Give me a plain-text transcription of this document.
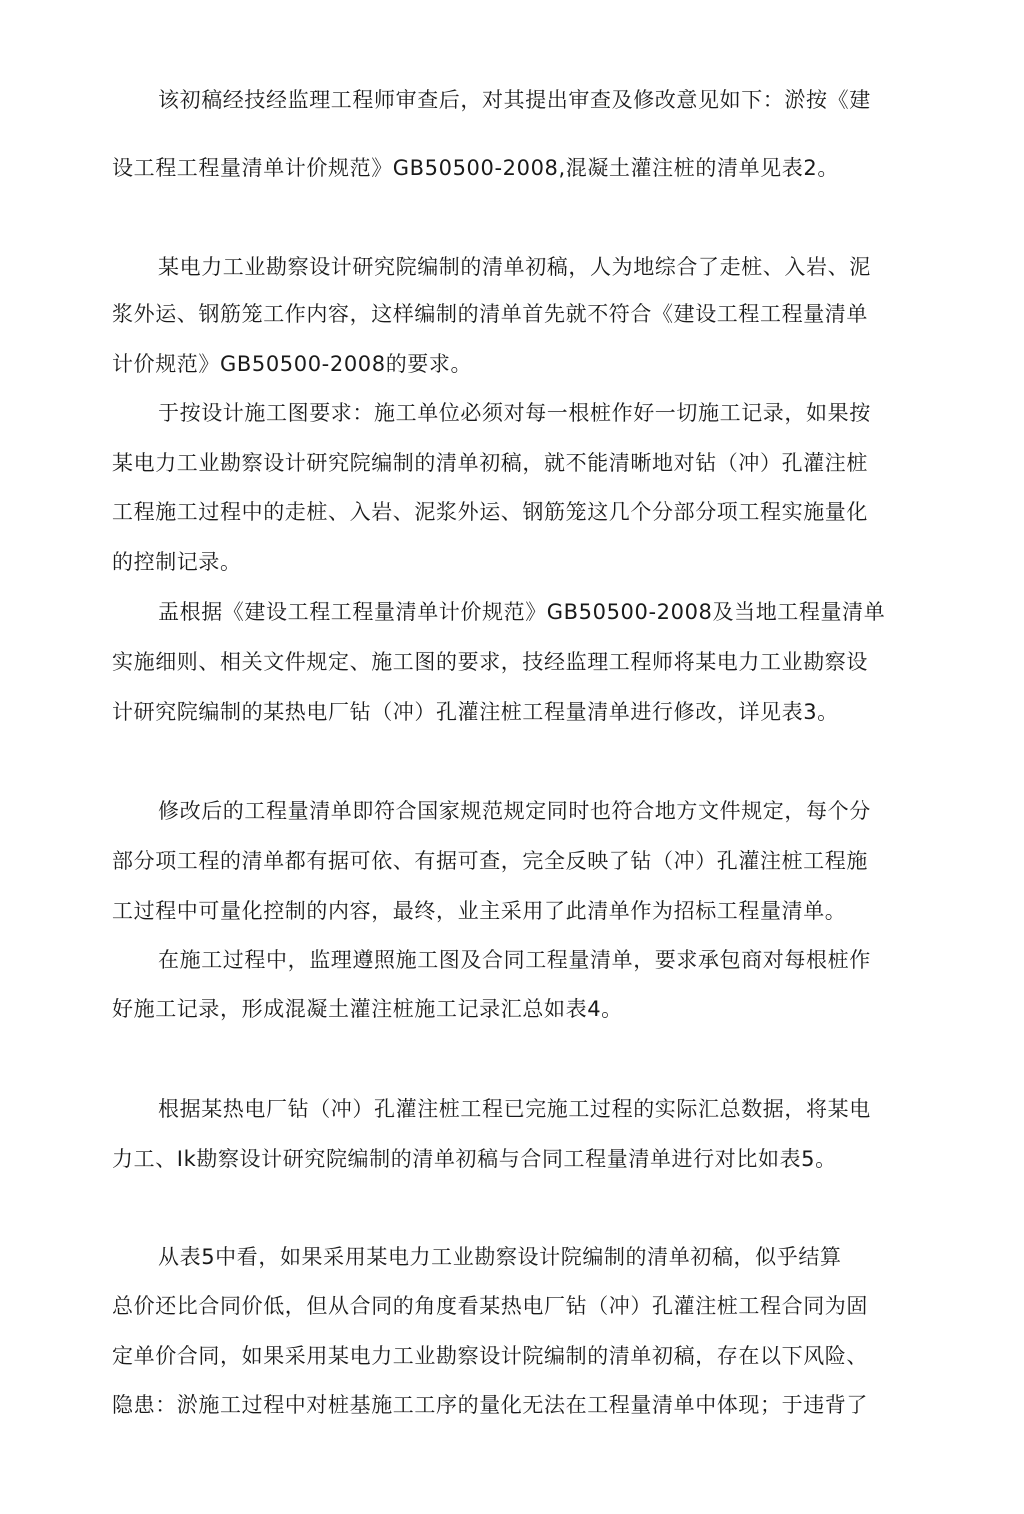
该初稿经技经监理工程师审查后，对其提出审查及修改意见如下：淤按《建
设工程工程量清单计价规范》GB50500-2008,混凝土灌注桩的清单见表2。
某电力工业勘察设计研究院编制的清单初稿，人为地综合了走桩、入岩、泥
浆外运、钢筋笼工作内容，这样编制的清单首先就不符合《建设工程工程量清单
计价规范》GB50500-2008的要求。
于按设计施工图要求：施工单位必须对每一根桩作好一切施工记录，如果按
某电力工业勘察设计研究院编制的清单初稿，就不能清晰地对钻（冲）孔灌注桩
工程施工过程中的走桩、入岩、泥浆外运、钢筋笼这几个分部分项工程实施量化
的控制记录。
盂根据《建设工程工程量清单计价规范》GB50500-2008及当地工程量清单
实施细则、相关文件规定、施工图的要求，技经监理工程师将某电力工业勘察设
计研究院编制的某热电厂钻（冲）孔灌注桩工程量清单进行修改，详见表3。
修改后的工程量清单即符合国家规范规定同时也符合地方文件规定，每个分
部分项工程的清单都有据可依、有据可查，完全反映了钻（冲）孔灌注桩工程施
工过程中可量化控制的内容，最终，业主采用了此清单作为招标工程量清单。
在施工过程中，监理遵照施工图及合同工程量清单，要求承包商对每根桩作
好施工记录，形成混凝土灌注桩施工记录汇总如表4。
根据某热电厂钻（冲）孔灌注桩工程已完施工过程的实际汇总数据，将某电
力工、Ik勘察设计研究院编制的清单初稿与合同工程量清单进行对比如表5。
从表5中看，如果采用某电力工业勘察设计院编制的清单初稿，似乎结算
总价还比合同价低，但从合同的角度看某热电厂钻（冲）孔灌注桩工程合同为固
定单价合同，如果采用某电力工业勘察设计院编制的清单初稿，存在以下风险、
隐患：淤施工过程中对桩基施工工序的量化无法在工程量清单中体现；于违背了
